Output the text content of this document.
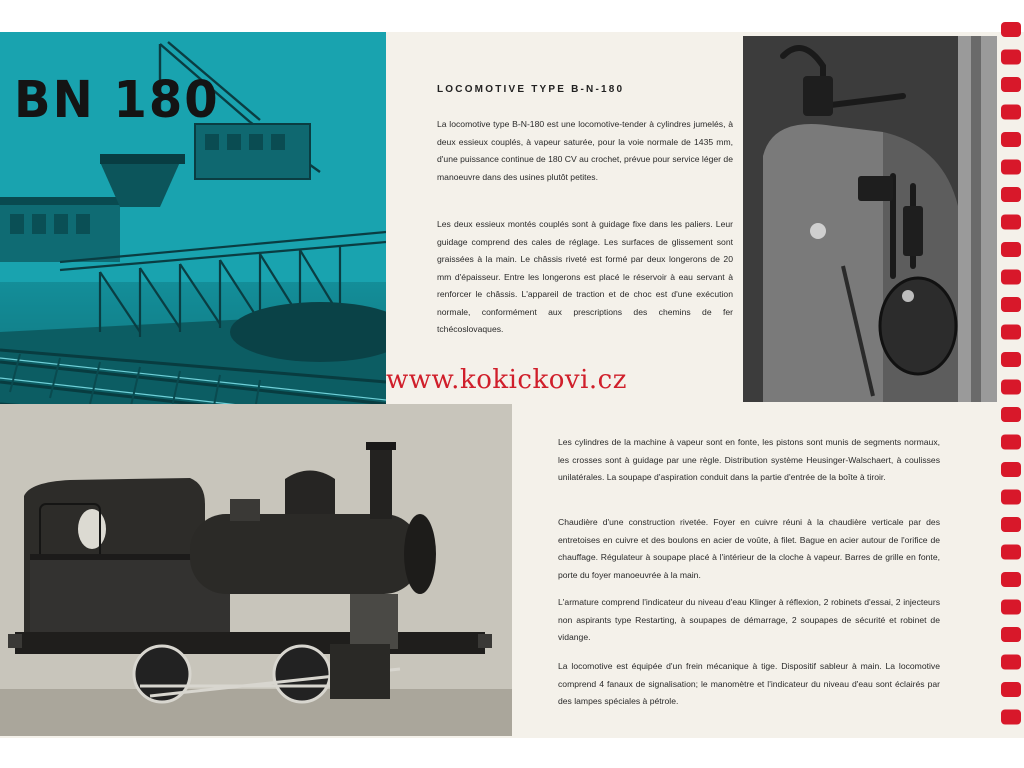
BN 180	LOCOMOTIVE TYPE B-N-180

La locomotive type B-N-180 est une locomotive-tender à cylindres jumelés, à deux essieux couplés, à vapeur saturée, pour la voie normale de 1435 mm, d'une puissance continue de 180 CV au crochet, prévue pour service léger de manoeuvre dans des usines plutôt petites.

Les deux essieux montés couplés sont à guidage fixe dans les paliers. Leur guidage comprend des cales de réglage. Les surfaces de glissement sont graissées à la main. Le châssis riveté est formé par deux longerons de 20 mm d'épaisseur. Entre les longerons est placé le réservoir à eau servant à renforcer le châssis. L'appareil de traction et de choc est d'une exécution normale, conformément aux prescriptions des chemins de fer tchécoslovaques.

www.kokickovi.cz

Les cylindres de la machine à vapeur sont en fonte, les pistons sont munis de segments normaux, les crosses sont à guidage par une règle. Distribution système Heusinger-Walschaert, à coulisses unilatérales. La soupape d'aspiration conduit dans la partie d'entrée de la boîte à tiroir.

Chaudière d'une construction rivetée. Foyer en cuivre réuni à la chaudière verticale par des entretoises en cuivre et des boulons en acier de voûte, à filet. Bague en acier autour de l'orifice de chauffage. Régulateur à soupape placé à l'intérieur de la cloche à vapeur. Barres de grille en fonte, porte du foyer manoeuvrée à la main.

L'armature comprend l'indicateur du niveau d'eau Klinger à réflexion, 2 robinets d'essai, 2 injecteurs non aspirants type Restarting, à soupapes de démarrage, 2 soupapes de sécurité et robinet de vidange.

La locomotive est équipée d'un frein mécanique à tige. Dispositif sableur à main. La locomotive comprend 4 fanaux de signalisation; le manomètre et l'indicateur du niveau d'eau sont éclairés par des lampes spéciales à pétrole.
